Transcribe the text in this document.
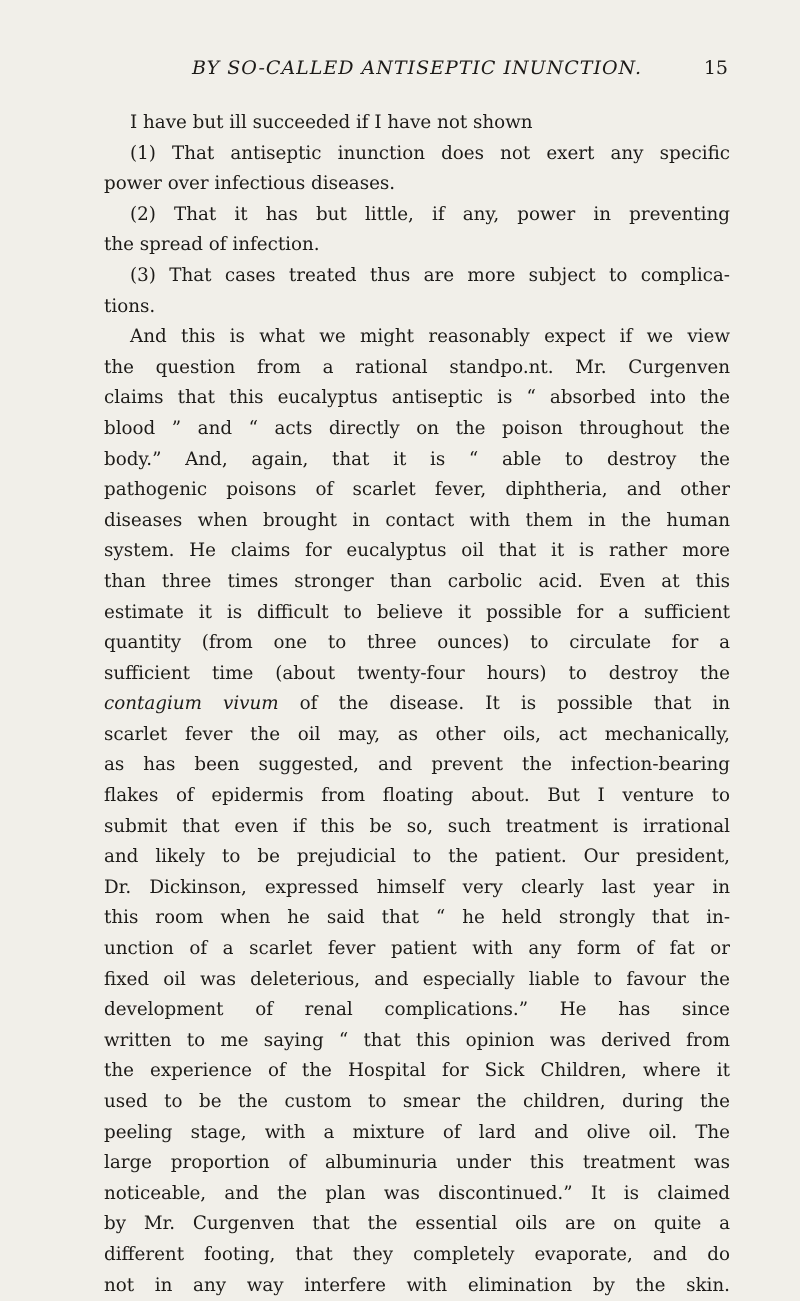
BY SO-CALLED ANTISEPTIC INUNCTION.	15
I have but ill succeeded if I have not shown
(1) That antiseptic inunction does not exert any specific
power over infectious diseases.
(2) That it has but little, if any, power in preventing
the spread of infection.
(3) That cases treated thus are more subject to complica-
tions.
And this is what we might reasonably expect if we view
the question from a rational standpo.nt. Mr. Curgenven
claims that this eucalyptus antiseptic is “ absorbed into the
blood ” and “ acts directly on the poison throughout the
body.” And, again, that it is “ able to destroy the
pathogenic poisons of scarlet fever, diphtheria, and other
diseases when brought in contact with them in the human
system. He claims for eucalyptus oil that it is rather more
than three times stronger than carbolic acid. Even at this
estimate it is difficult to believe it possible for a sufficient
quantity (from one to three ounces) to circulate for a
sufficient time (about twenty-four hours) to destroy the
contagium vivum of the disease. It is possible that in
scarlet fever the oil may, as other oils, act mechanically,
as has been suggested, and prevent the infection-bearing
flakes of epidermis from floating about. But I venture to
submit that even if this be so, such treatment is irrational
and likely to be prejudicial to the patient. Our president,
Dr. Dickinson, expressed himself very clearly last year in
this room when he said that “ he held strongly that in-
unction of a scarlet fever patient with any form of fat or
fixed oil was deleterious, and especially liable to favour the
development of renal complications.” He has since
written to me saying “ that this opinion was derived from
the experience of the Hospital for Sick Children, where it
used to be the custom to smear the children, during the
peeling stage, with a mixture of lard and olive oil. The
large proportion of albuminuria under this treatment was
noticeable, and the plan was discontinued.” It is claimed
by Mr. Curgenven that the essential oils are on quite a
different footing, that they completely evaporate, and do
not in any way interfere with elimination by the skin.
